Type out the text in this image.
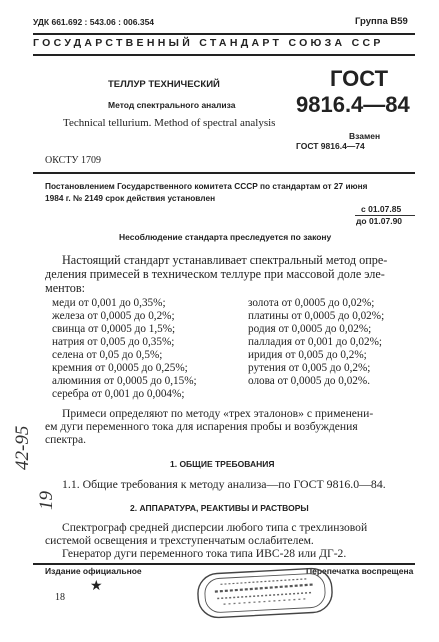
УДК 661.692 : 543.06 : 006.354	Группа В59
ГОСУДАРСТВЕННЫЙ СТАНДАРТ СОЮЗА ССР
ТЕЛЛУР ТЕХНИЧЕСКИЙ
Метод спектрального анализа
Technical tellurium. Method of spectral analysis
ГОСТ
9816.4—84
Взамен
ГОСТ 9816.4—74
ОКСТУ 1709
Постановлением Государственного комитета СССР по стандартам от 27 июня
1984 г. № 2149 срок действия установлен
с 01.07.85
до 01.07.90
Несоблюдение стандарта преследуется по закону
Настоящий стандарт устанавливает спектральный метод опре-
деления примесей в техническом теллуре при массовой доле эле-
ментов:
меди от 0,001 до 0,35%;
железа от 0,0005 до 0,2%;
свинца от 0,0005 до 1,5%;
натрия от 0,005 до 0,35%;
селена от 0,05 до 0,5%;
кремния от 0,0005 до 0,25%;
алюминия от 0,0005 до 0,15%;
серебра от 0,001 до 0,004%;
золота от 0,0005 до 0,02%;
платины от 0,0005 до 0,02%;
родия от 0,0005 до 0,02%;
палладия от 0,001 до 0,02%;
иридия от 0,005 до 0,2%;
рутения от 0,005 до 0,2%;
олова от 0,0005 до 0,02%.
Примеси определяют по методу «трех эталонов» с применени-
ем дуги переменного тока для испарения пробы и возбуждения
спектра.
1. ОБЩИЕ ТРЕБОВАНИЯ
1.1. Общие требования к методу анализа—по ГОСТ 9816.0—84.
2. АППАРАТУРА, РЕАКТИВЫ И РАСТВОРЫ
Спектрограф средней дисперсии любого типа с трехлинзовой
системой освещения и трехступенчатым ослабителем.
Генератор дуги переменного тока типа ИВС-28 или ДГ-2.
Издание официальное	Перепечатка воспрещена
★
18
42-95
19
